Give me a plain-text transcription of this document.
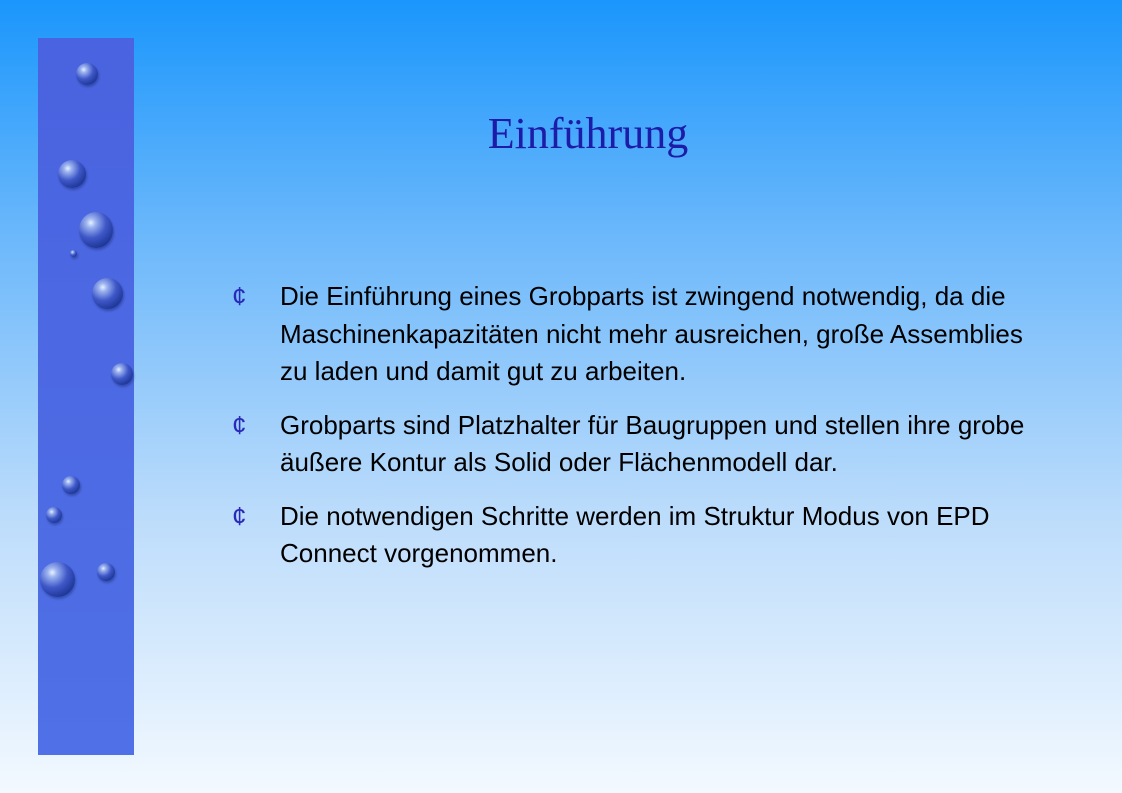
Einführung
¢ Die Einführung eines Grobparts ist zwingend notwendig, da die Maschinenkapazitäten nicht mehr ausreichen, große Assemblies zu laden und damit gut zu arbeiten.
¢ Grobparts sind Platzhalter für Baugruppen und stellen ihre grobe äußere Kontur als Solid oder Flächenmodell dar.
¢ Die notwendigen Schritte werden im Struktur Modus von EPD Connect vorgenommen.
